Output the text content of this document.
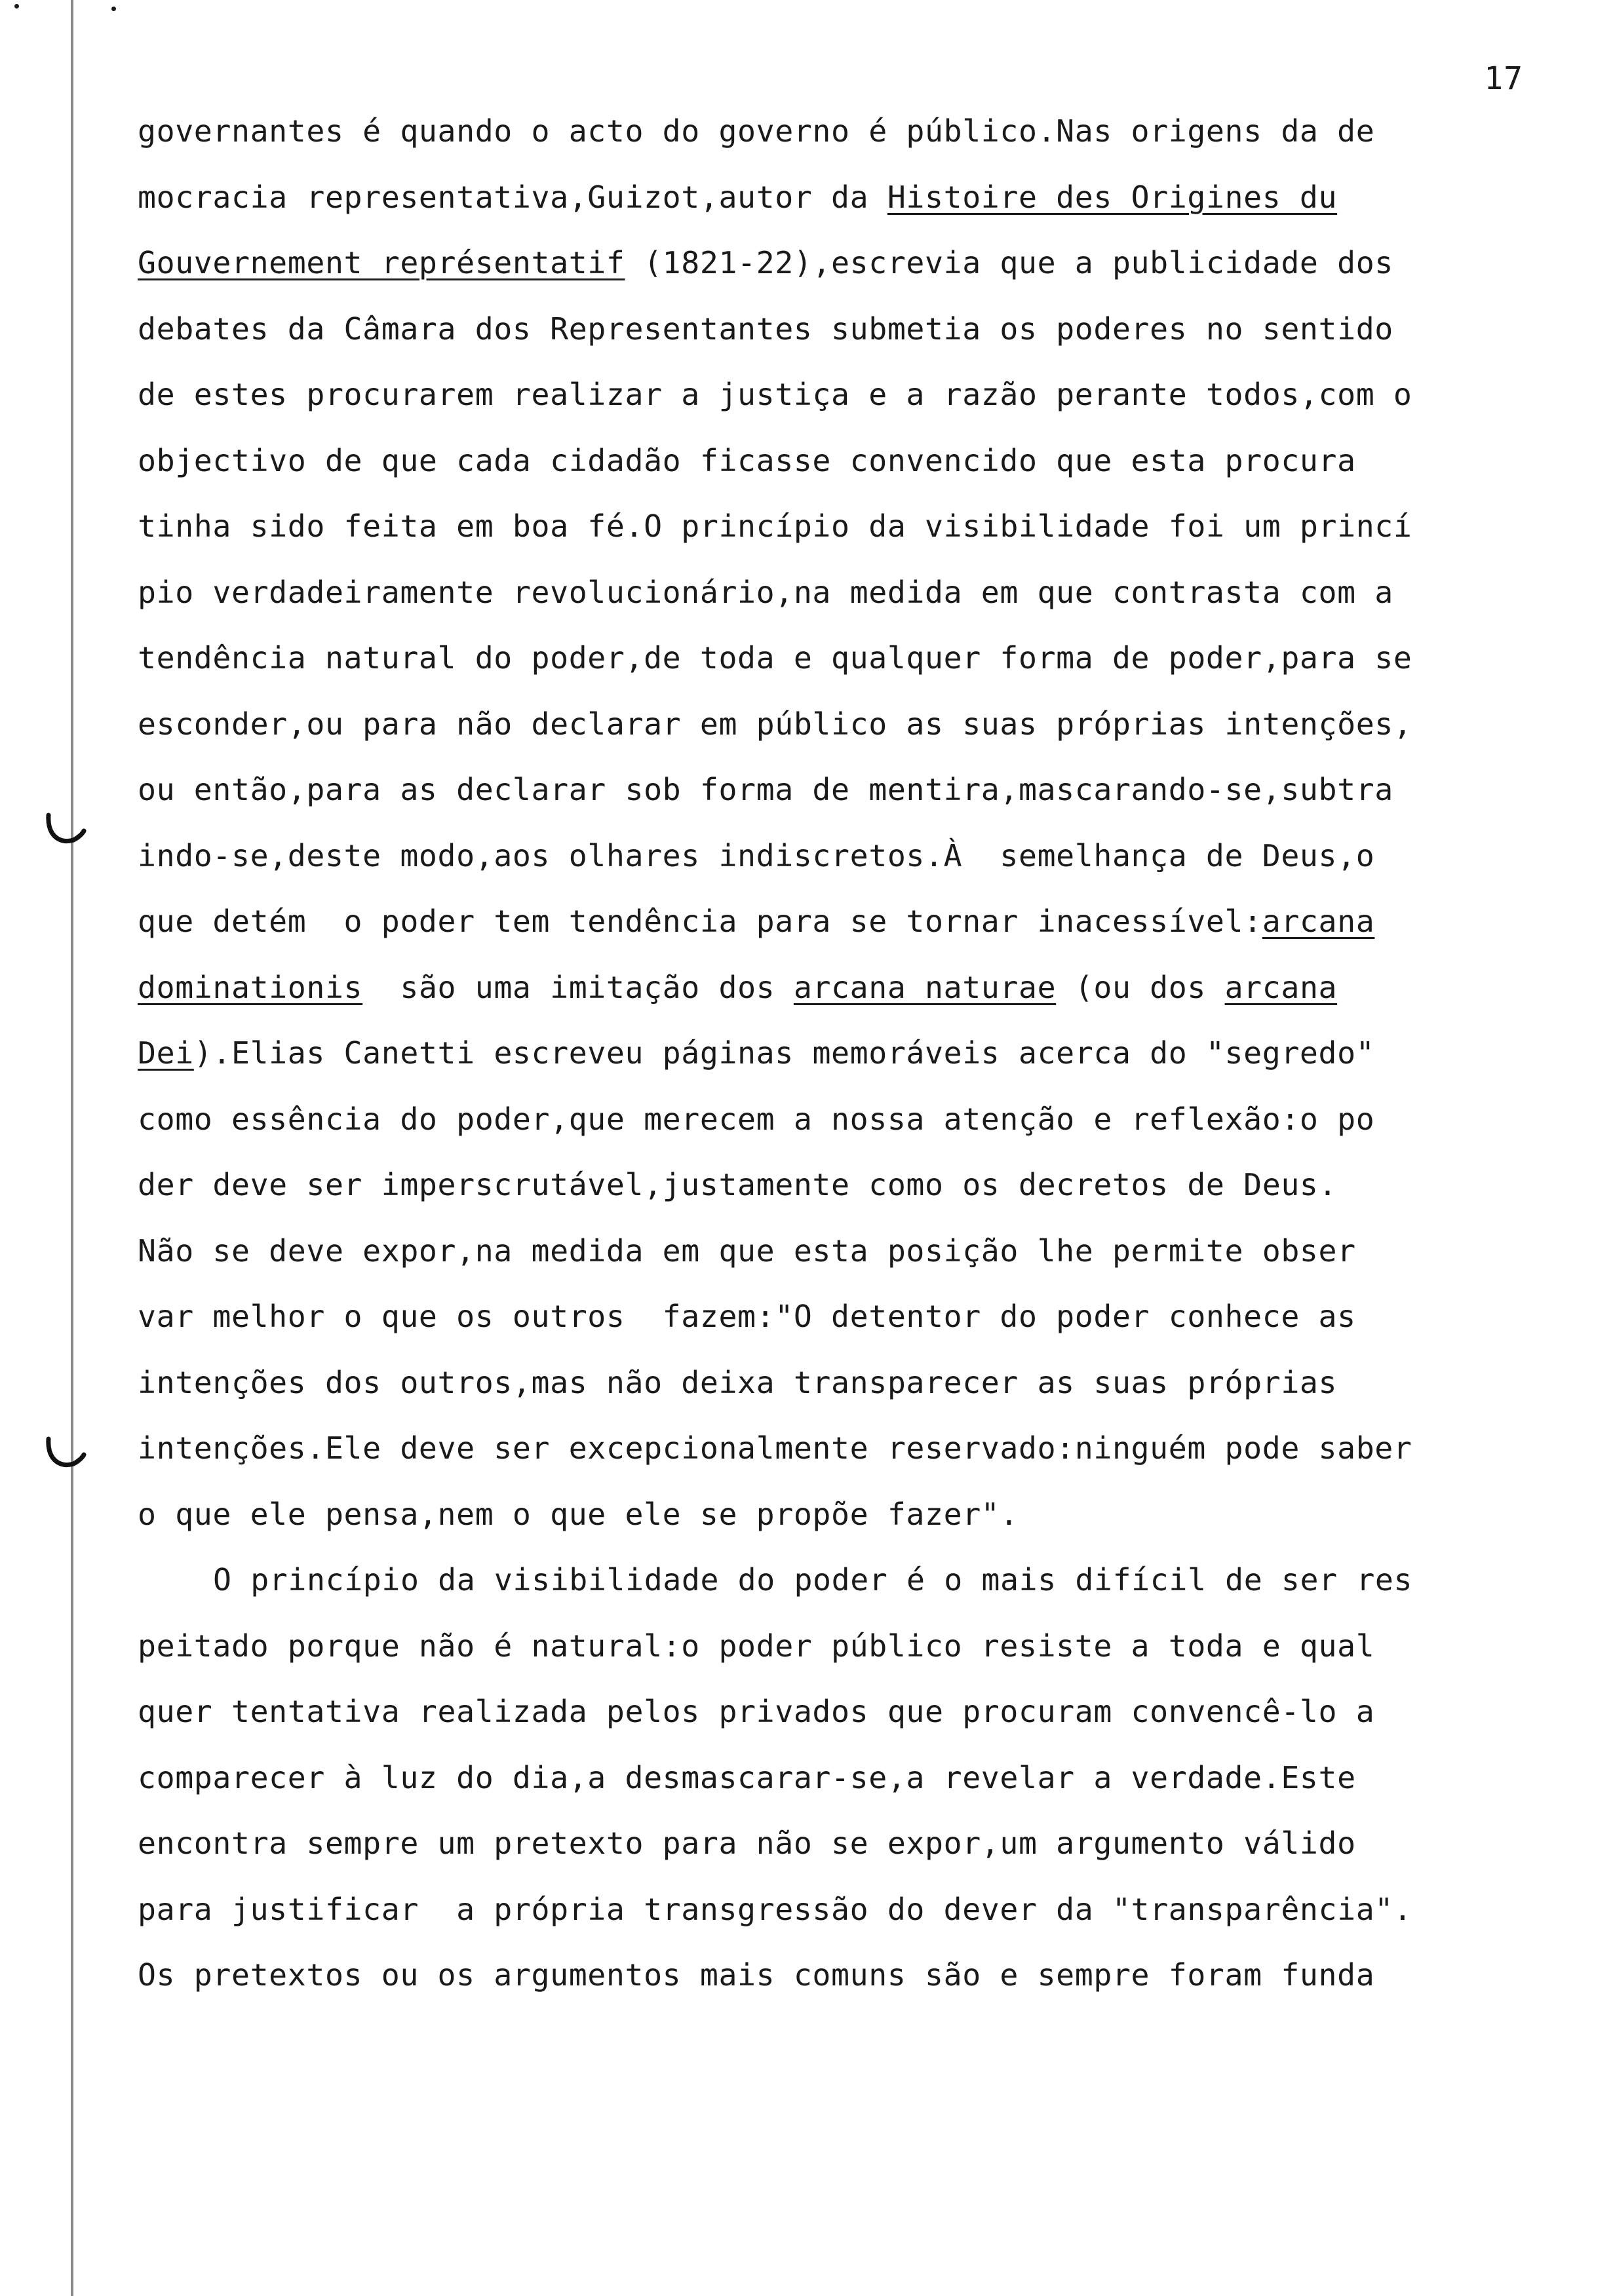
17
governantes é quando o acto do governo é público.Nas origens da de
mocracia representativa,Guizot,autor da Histoire des Origines du
Gouvernement représentatif (1821-22),escrevia que a publicidade dos
debates da Câmara dos Representantes submetia os poderes no sentido
de estes procurarem realizar a justiça e a razão perante todos,com o
objectivo de que cada cidadão ficasse convencido que esta procura
tinha sido feita em boa fé.O princípio da visibilidade foi um princí
pio verdadeiramente revolucionário,na medida em que contrasta com a
tendência natural do poder,de toda e qualquer forma de poder,para se
esconder,ou para não declarar em público as suas próprias intenções,
ou então,para as declarar sob forma de mentira,mascarando-se,subtra
indo-se,deste modo,aos olhares indiscretos.À  semelhança de Deus,o
que detém  o poder tem tendência para se tornar inacessível:arcana
dominationis  são uma imitação dos arcana naturae (ou dos arcana
Dei).Elias Canetti escreveu páginas memoráveis acerca do "segredo"
como essência do poder,que merecem a nossa atenção e reflexão:o po
der deve ser imperscrutável,justamente como os decretos de Deus.
Não se deve expor,na medida em que esta posição lhe permite obser
var melhor o que os outros  fazem:"O detentor do poder conhece as
intenções dos outros,mas não deixa transparecer as suas próprias
intenções.Ele deve ser excepcionalmente reservado:ninguém pode saber
o que ele pensa,nem o que ele se propõe fazer".
O princípio da visibilidade do poder é o mais difícil de ser res
peitado porque não é natural:o poder público resiste a toda e qual
quer tentativa realizada pelos privados que procuram convencê-lo a
comparecer à luz do dia,a desmascarar-se,a revelar a verdade.Este
encontra sempre um pretexto para não se expor,um argumento válido
para justificar  a própria transgressão do dever da "transparência".
Os pretextos ou os argumentos mais comuns são e sempre foram funda
